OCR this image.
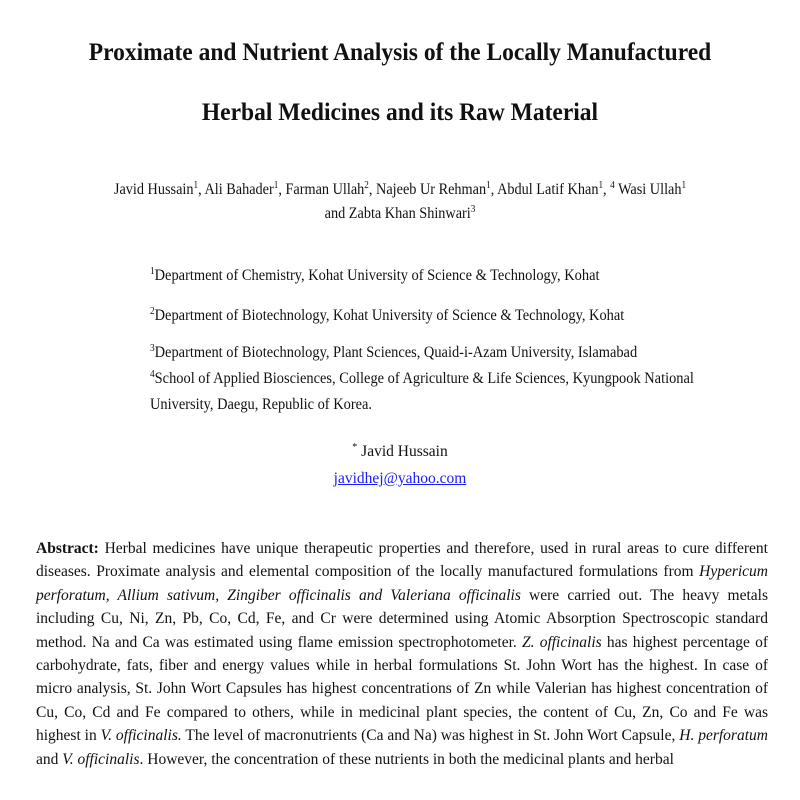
Proximate and Nutrient Analysis of the Locally Manufactured
Herbal Medicines and its Raw Material
Javid Hussain$^1$, Ali Bahader$^1$, Farman Ullah$^2$, Najeeb Ur Rehman$^1$, Abdul Latif Khan$^1$, $^4$ Wasi Ullah$^1$
and Zabta Khan Shinwari$^3$
$^1$Department of Chemistry, Kohat University of Science & Technology, Kohat
$^2$Department of Biotechnology, Kohat University of Science & Technology, Kohat
$^3$Department of Biotechnology, Plant Sciences, Quaid-i-Azam University, Islamabad
$^4$School of Applied Biosciences, College of Agriculture & Life Sciences, Kyungpook National
University, Daegu, Republic of Korea.
* Javid Hussain
javidhej@yahoo.com
Abstract: Herbal medicines have unique therapeutic properties and therefore, used in rural areas to cure different diseases. Proximate analysis and elemental composition of the locally manufactured formulations from Hypericum perforatum, Allium sativum, Zingiber officinalis and Valeriana officinalis were carried out. The heavy metals including Cu, Ni, Zn, Pb, Co, Cd, Fe, and Cr were determined using Atomic Absorption Spectroscopic standard method. Na and Ca was estimated using flame emission spectrophotometer. Z. officinalis has highest percentage of carbohydrate, fats, fiber and energy values while in herbal formulations St. John Wort has the highest. In case of micro analysis, St. John Wort Capsules has highest concentrations of Zn while Valerian has highest concentration of Cu, Co, Cd and Fe compared to others, while in medicinal plant species, the content of Cu, Zn, Co and Fe was highest in V. officinalis. The level of macronutrients (Ca and Na) was highest in St. John Wort Capsule, H. perforatum and V. officinalis. However, the concentration of these nutrients in both the medicinal plants and herbal
